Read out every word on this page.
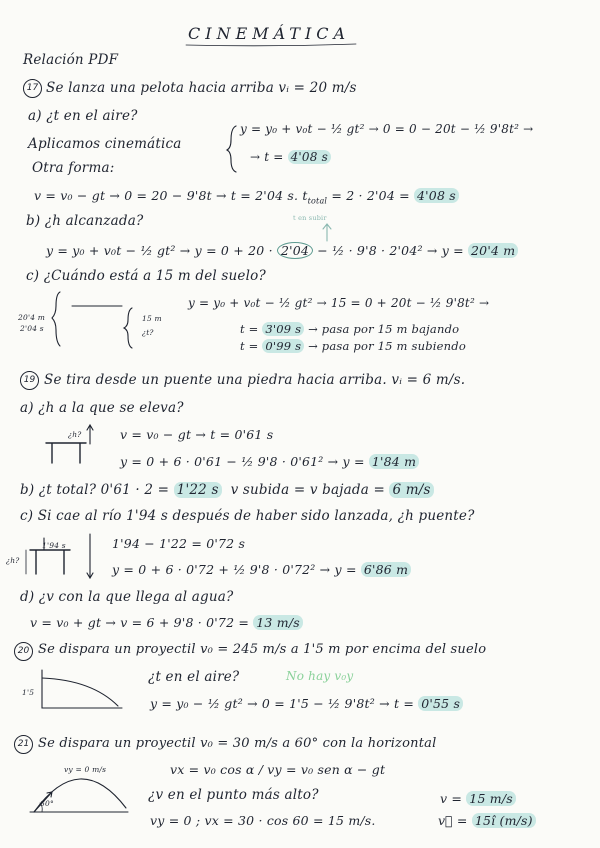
CINEMÁTICA
Relación PDF
17 Se lanza una pelota hacia arriba vᵢ = 20 m/s
a) ¿t en el aire?
Aplicamos cinemática
y = y₀ + v₀t − ½ gt² → 0 = 0 − 20t − ½ 9'8t² →
→ t = 4'08 s
Otra forma:
v = v₀ − gt → 0 = 20 − 9'8t → t = 2'04 s. $t_{total} = 2 \cdot 2'04 = 4'08$ s
b) ¿h alcanzada?	t en subir
y = y₀ + v₀t − ½ gt² → y = 0 + 20 · 2'04 − ½ · 9'8 · 2'04² → y = 20'4 m
c) ¿Cuándo está a 15 m del suelo?
20'4 m
2'04 s
15 m
¿t?
y = y₀ + v₀t − ½ gt² → 15 = 0 + 20t − ½ 9'8t² →
t = 3'09 s → pasa por 15 m bajando
t = 0'99 s → pasa por 15 m subiendo
19 Se tira desde un puente una piedra hacia arriba. vᵢ = 6 m/s.
a) ¿h a la que se eleva?
¿h?	v = v₀ − gt → t = 0'61 s
y = 0 + 6 · 0'61 − ½ 9'8 · 0'61² → y = 1'84 m
b) ¿t total? 0'61 · 2 = 1'22 s v subida = v bajada = 6 m/s
c) Si cae al río 1'94 s después de haber sido lanzada, ¿h puente?
1'94 s
¿h?
1'94 − 1'22 = 0'72 s
y = 0 + 6 · 0'72 + ½ 9'8 · 0'72² → y = 6'86 m
d) ¿v con la que llega al agua?
v = v₀ + gt → v = 6 + 9'8 · 0'72 = 13 m/s
20 Se dispara un proyectil v₀ = 245 m/s a 1'5 m por encima del suelo
¿t en el aire?	No hay v₀y
1'5
y = y₀ − ½ gt² → 0 = 1'5 − ½ 9'8t² → t = 0'55 s
21 Se dispara un proyectil v₀ = 30 m/s a 60° con la horizontal
vy = 0 m/s
60°
vx = v₀ cos α / vy = v₀ sen α − gt
¿v en el punto más alto?
vy = 0 ; vx = 30 · cos 60 = 15 m/s.
v = 15 m/s
v⃗ = 15î (m/s)
